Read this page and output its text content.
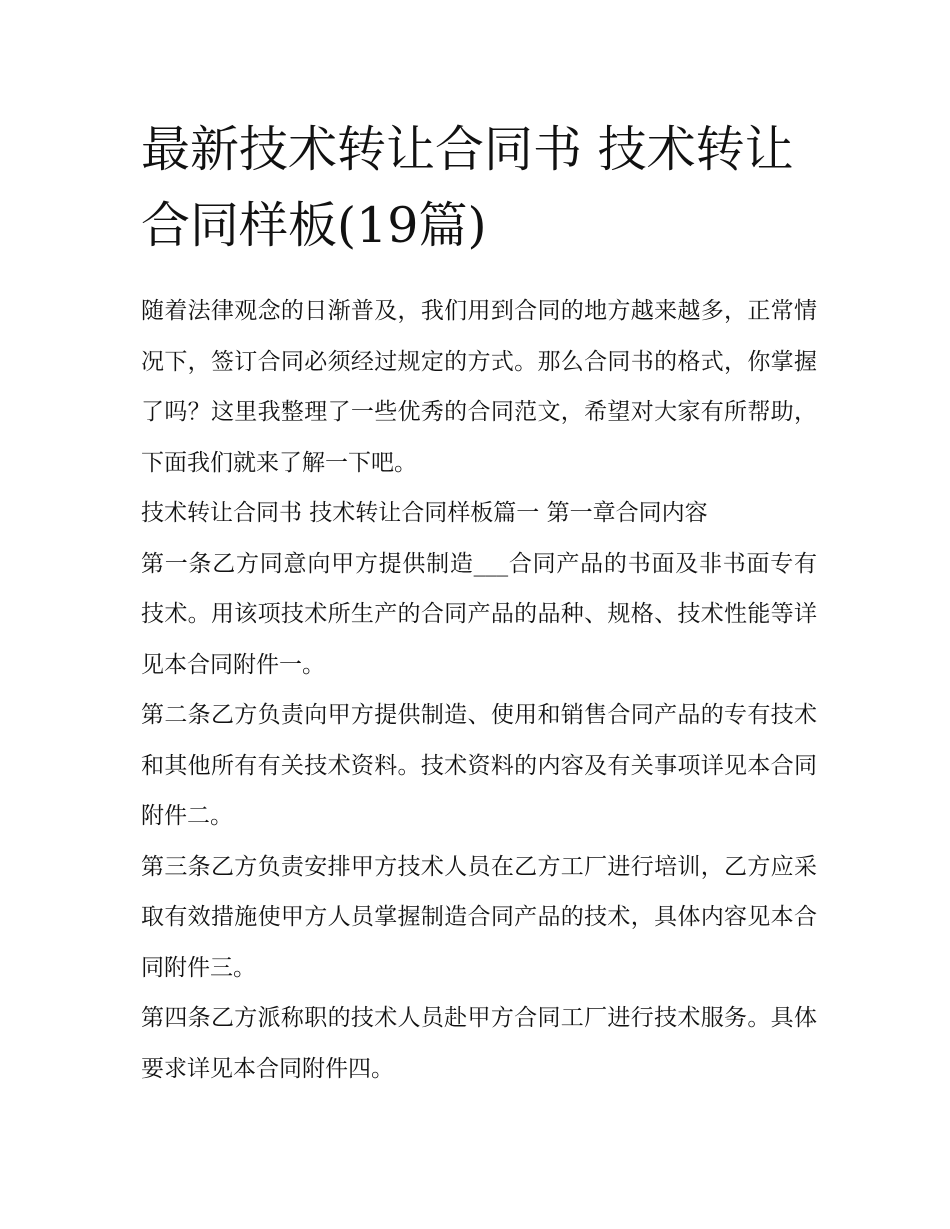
最新技术转让合同书 技术转让合同样板(19篇)

随着法律观念的日渐普及，我们用到合同的地方越来越多，正常情况下，签订合同必须经过规定的方式。那么合同书的格式，你掌握了吗？这里我整理了一些优秀的合同范文，希望对大家有所帮助，下面我们就来了解一下吧。

技术转让合同书 技术转让合同样板篇一 第一章合同内容

第一条乙方同意向甲方提供制造___合同产品的书面及非书面专有技术。用该项技术所生产的合同产品的品种、规格、技术性能等详见本合同附件一。

第二条乙方负责向甲方提供制造、使用和销售合同产品的专有技术和其他所有有关技术资料。技术资料的内容及有关事项详见本合同附件二。

第三条乙方负责安排甲方技术人员在乙方工厂进行培训，乙方应采取有效措施使甲方人员掌握制造合同产品的技术，具体内容见本合同附件三。

第四条乙方派称职的技术人员赴甲方合同工厂进行技术服务。具体要求详见本合同附件四。
